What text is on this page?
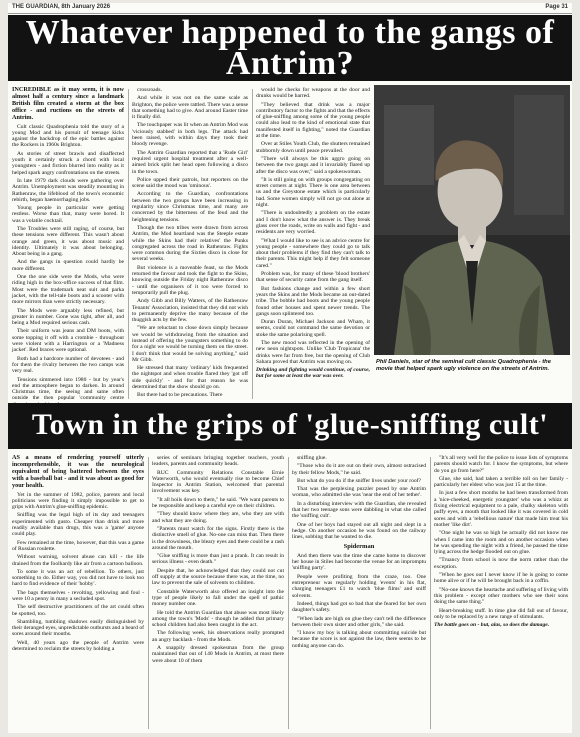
THE GUARDIAN, 8th January 2026	Page 31
Whatever happened to the gangs of Antrim?

INCREDIBLE as it may seem, it is now almost half a century since a landmark British film created a storm at the box office - and ructions on the streets of Antrim.

Cult classic Quadrophenia told the story of a young Mod and his pursuit of teenage kicks against the backdrop of the epic battles against the Rockers in 1960s Brighton.

As stories of street brawls and disaffected youth it certainly struck a chord with local youngsters - and fiction blurred into reality as it helped spark angry confrontations on the streets.

In late 1979 dark clouds were gathering over Antrim. Unemployment was steadily mounting in Rathenraw, the lifeblood of the town's economic rebirth, began haemorrhaging jobs.

Young people in particular were getting restless. Worse than that, many were bored. It was a volatile cocktail.

The Troubles were still raging, of course, but these tensions were different. This wasn't about orange and green, it was about music and identity. Ultimately it was about belonging. About being in a gang.

And the gangs in question could hardly be more different.

One the one side were the Mods, who were riding high in the box-office success of that film. Most were the trademark neat suit and parka jacket, with the tell-tale boots and a scooter with more mirrors than were strictly necessary.

The Mods were arguably less refined, but greater in number. Gone was tight, after all, and being a Mod required serious cash.

Their uniform was jeans and DM boots, with some topping it off with a crombie - throughout were violent with a Harrington or a 'Madness jacket'. Red braces were optional.

Both had a hardcore number of devotees - and for them the rivalry between the two camps was very real.

Tensions simmered into 1980 - but by year's end the atmosphere began to darken. In around Christmas time, the seeing and same often outside the then popular 'community centre

crossroads.

And while it was not on the same scale as Brighton, the police were rattled. There was a sense that something had to give. And around Easter time it finally did.

The touchpaper was lit when an Antrim Mod was 'viciously stabbed' in both legs. The attack had been raised, with within days they took their bloody revenge.

The Antrim Guardian reported that a 'Rude Girl' required urgent hospital treatment after a well-aimed brick split her head open following a disco in the town.

Police upped their patrols, but reporters on the scene said the mood was 'ominous'.

According to the Guardian, confrontations between the two groups have been increasing in regularity since Christmas time, and many are concerned by the bitterness of the feud and the heightening tensions.

Though the two tribes were drawn from across Antrim, the Mod heartland was the Steeple estate while the Skins had their relatives' the Punks congregated across the road in Rathenraw. Fights were common during the Sixties disco in close for several weeks.

But violence is a moveable feast, so the Mods returned the favour and took the fight to the Skins, knowing outside the Friday night Rathenraw disco - until the organisers of it too were forced to temporarily pull the plug.

Andy Gibb and Billy Watters, of the Rathenraw Tenants' Association, insisted that they did not wish to permanently deprive the many because of the thuggish acts by the few.

"We are reluctant to close down simply because we would be withdrawing from the situation and instead of offering the youngsters something to do for a night we would be turning them on the street. I don't think that would be solving anything," said Mr Gibb.

He stressed that many 'ordinary' kids frequented the nightspot and when trouble flared they 'got off side quickly' - and for that reason he was determined that the show should go on.

But there had to be precautions. There

would be checks for weapons at the door and drunks would be barred.

"They believed that drink was a major contributory factor to the fights and that the effects of glue-sniffing among some of the young people could also lead to the kind of emotional state that manifested itself in fighting," noted the Guardian at the time.

Over at Stiles Youth Club, the shutters remained stubbornly down until peace prevailed.

"There will always be this aggro going on between the two gangs and it invariably flared up after the disco was over," said a spokeswoman.

"It is still going on with groups congregating on street corners at night. There is one area between us and the Greystone estate which is particularly bad. Some women simply will not go out alone at night.

"There is undoubtedly a problem on the estate and I don't know what the answer is. They break glass over the roads, write on walls and fight - and residents are very worried.

"What I would like to see is an advice centre for young people - somewhere they could go to talk about their problems if they find they can't talk to their parents. This might help if they felt someone cared."

Problem was, for many of these 'blood brothers' that sense of security came from the gang itself.

But fashions change and within a few short years the Skins and the Mods became an out-dated tribe. The bobble had boots and the young people found other houses and spent newer trends. The gangs soon splintered too.

Duran Duran, Michael Jackson and Wham, it seems, could not command the same devotion or stoke the same polarising spell.

The new mood was reflected in the opening of new neon nightspots. Unlike 'Club Tropicana' the drinks were far from free, but the opening of Club Sahara proved that Antrim was moving on.

Drinking and fighting would continue, of course, but for some at least the war was over.

Phil Daniels, star of the seminal cult classic Quadrophenia - the movie that helped spark ugly violence on the streets of Antrim.
Town in the grips of 'glue-sniffing cult'

AS a means of rendering yourself utterly incomprehensible, it was the neurological equivalent of being battered between the eyes with a baseball bat - and it was about as good for your health.

Yet in the summer of 1982, police, parents and local politicians were finding it simply impossible to get to grips with Antrim's glue-sniffing epidemic.

Sniffing was the legal high of its day and teenagers experimented with gusto. Cheaper than drink and more readily available than drugs, this was a 'game' anyone could play.

Few remained at the time, however, that this was a game of Russian roulette.

Without warning, solvent abuse can kill - the life drained from the foolhardy like air from a cartoon balloon.

To some it was an act of rebellion. To others, just something to do. Either way, you did not have to look too hard to find evidence of their 'hobby'.

The bags themselves - revolting, yellowing and foul - were 10 a penny in many a secluded spot.

The self destructive practitioners of the art could often be spotted, too.

Shambling, tumbling shadows easily distinguished by their deranged eyes, unpredictable outbursts and a beard of sores around their mouths.

Well, 40 years ago the people of Antrim were determined to reclaim the streets by holding a

series of seminars bringing together teachers, youth leaders, parents and community heads.

RUC Community Relations Constable Ernie Waterworth, who would eventually rise to become Chief Inspector in Antrim Station, welcomed that parental involvement was key.

"It all boils down to them," he said. "We want parents to be responsible and keep a careful eye on their children.

"They should know where they are, who they are with and what they are doing.

"Parents must watch for the signs. Firstly there is the distinctive smell of glue. No-one can miss that. Then there is the drowsiness, the bleary eyes and there could be a rash around the mouth.

"Glue sniffing is more than just a prank. It can result in serious illness - even death."

Despite that, he acknowledged that they could not cut off supply at the source because there was, at the time, no law to prevent the sale of solvents to children.

Constable Waterworth also offered an insight into the type of people likely to fall under the spell of pathic money number one.

He told the Antrim Guardian that abuse was most likely among the town's 'Mods' - though he added that primary school children had also been caught in the act.

The following week, his observations really prompted an angry backlash - from the Mods.

A snappily dressed spokesman from the group maintained that out of 140 Mods in Antrim, at most there were about 10 of them

sniffing glue.

"Those who do it are out on their own, almost ostracised by their fellow Mods," he said.

But what do you do if the sniffer lives under your roof?

That was the perplexing puzzler posed by one Antrim woman, who admitted she was 'near the end of her tether'.

In a disturbing interview with the Guardian, she revealed that her two teenage sons were dabbling in what she called the 'sniffing cult'.

One of her boys had stayed out all night and slept in a hedge. On another occasion he was found on the railway lines, sobbing that he wanted to die.

Spiderman

And then there was the time she came home to discover her house in Stiles had become the venue for an impromptu 'sniffing party'.

People were profiting from the craze, too. One entrepreneur was regularly holding 'events' in his flat, charging teenagers £1 to watch 'blue films' and sniff solvents.

Indeed, things had got so bad that she feared for her own daughter's safety.

"When lads are high on glue they can't tell the difference between their own sister and other girls," she said.

"I know my boy is talking about committing suicide but because the score is not against the law, there seems to be nothing anyone can do.

"It's all very well for the police to issue lists of symptoms parents should watch for. I know the symptoms, but where do you go from here?"

Glue, she said, had taken a terrible toll on her family - particularly her eldest who was just 15 at the time.

In just a few short months he had been transformed from a 'nice-cheeked, energetic youngster' who was a whizz at fixing electrical equipment to a pale, chalky skeleton with puffy eyes, a mouth that looked like it was covered in cold sores and with a 'rebellious nature' that made him treat his mother 'like dirt'.

"One night he was so high he actually did not know me when I came into the room and on another occasion when he was spending the night with a friend, he passed the time lying across the hedge flooded out on glue.

"Truancy from school is now the norm rather than the exception.

"When he goes out I never know if he is going to come home alive or if he will be brought back in a coffin.

"No-one knows the heartache and suffering of living with this problem - except other mothers who see their sons doing the same thing."

Heart-breaking stuff. In time glue did fall out of favour, only to be replaced by a new range of stimulants.

The battle goes on - but, alas, so does the damage.
